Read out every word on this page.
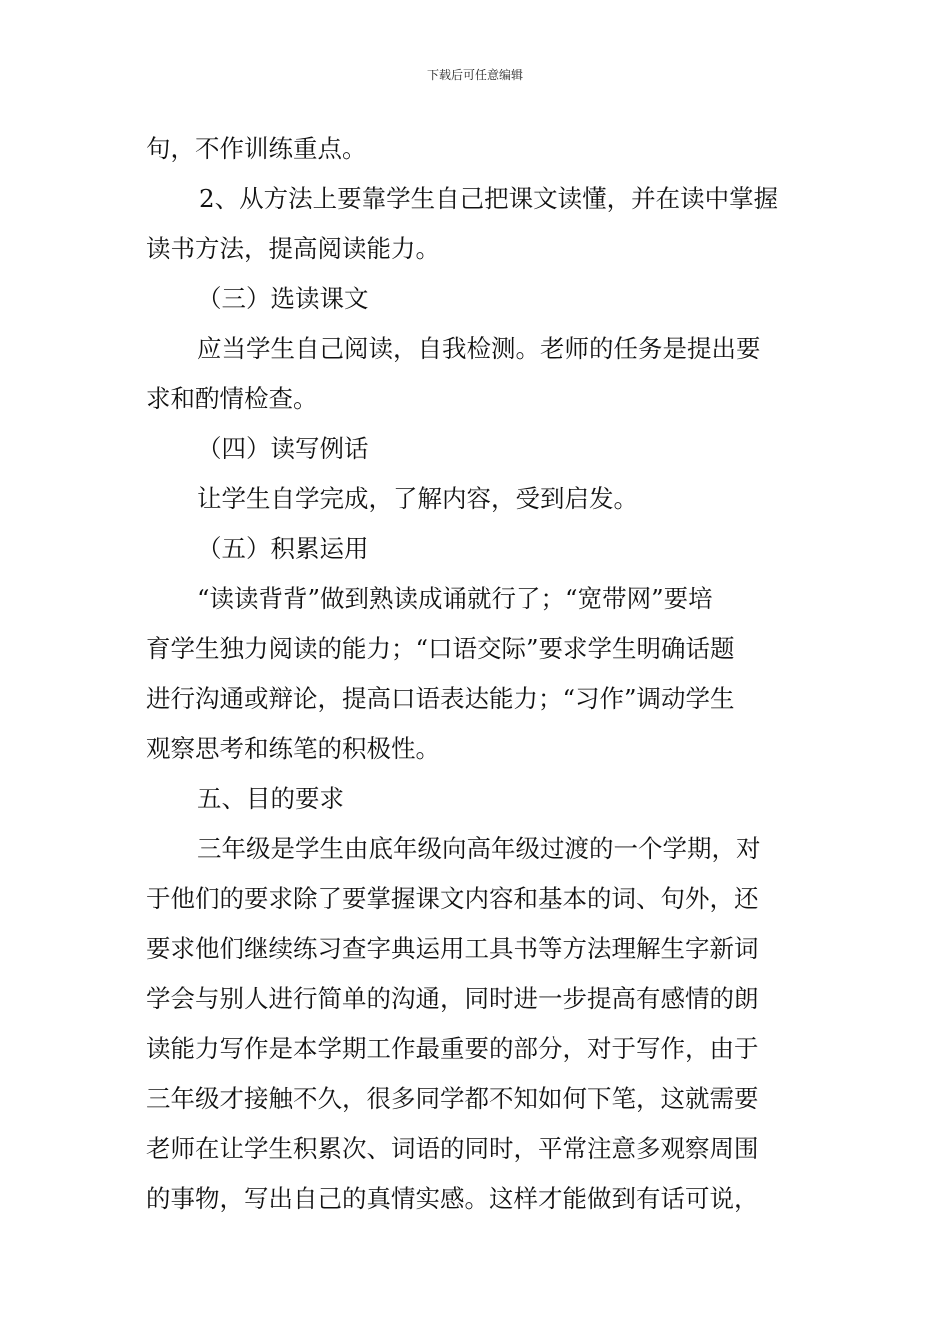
下载后可任意编辑
句，不作训练重点。
2、从方法上要靠学生自己把课文读懂，并在读中掌握
读书方法，提高阅读能力。
（三）选读课文
应当学生自己阅读，自我检测。老师的任务是提出要
求和酌情检查。
（四）读写例话
让学生自学完成，了解内容，受到启发。
（五）积累运用
“读读背背”做到熟读成诵就行了；“宽带网”要培
育学生独力阅读的能力；“口语交际”要求学生明确话题
进行沟通或辩论，提高口语表达能力；“习作”调动学生
观察思考和练笔的积极性。
五、目的要求
三年级是学生由底年级向高年级过渡的一个学期，对
于他们的要求除了要掌握课文内容和基本的词、句外，还
要求他们继续练习查字典运用工具书等方法理解生字新词
学会与别人进行简单的沟通，同时进一步提高有感情的朗
读能力写作是本学期工作最重要的部分，对于写作，由于
三年级才接触不久，很多同学都不知如何下笔，这就需要
老师在让学生积累次、词语的同时，平常注意多观察周围
的事物，写出自己的真情实感。这样才能做到有话可说，
